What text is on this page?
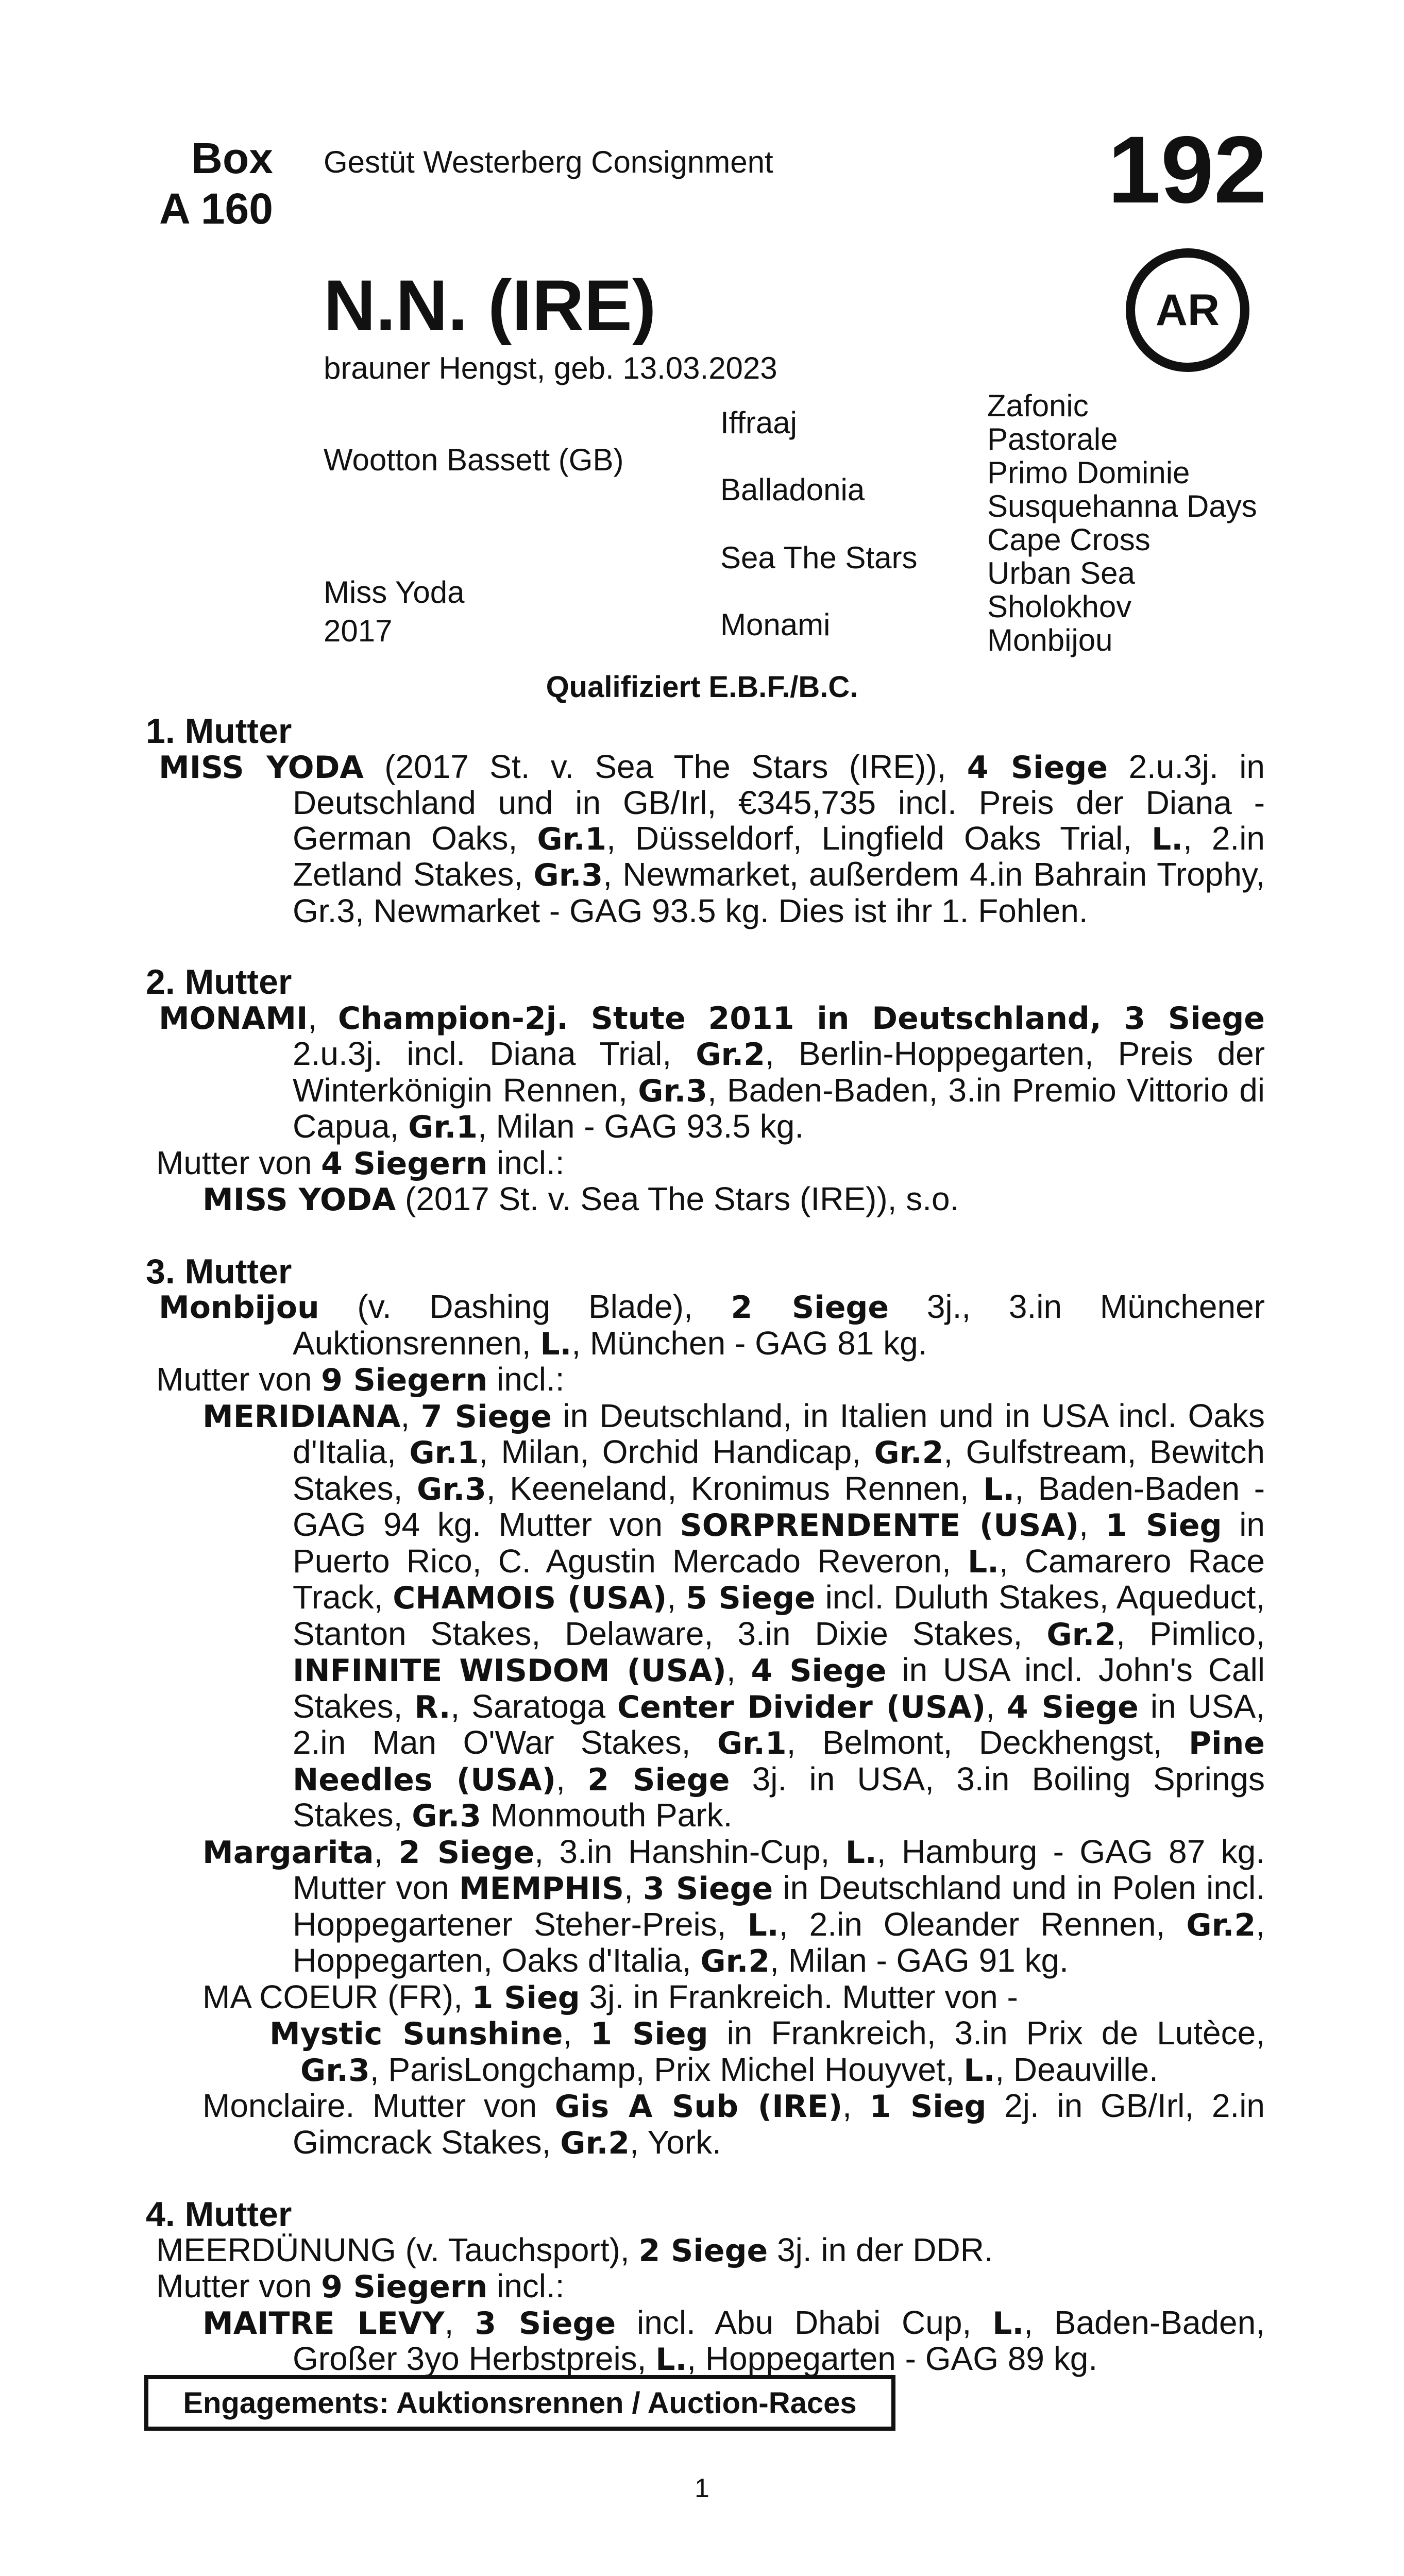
Box
A 160
Gestüt Westerberg Consignment	192
AR
N.N. (IRE)
brauner Hengst, geb. 13.03.2023
Wootton Bassett (GB)
Miss Yoda
2017
Iffraaj
Balladonia
Sea The Stars
Monami
Zafonic
Pastorale
Primo Dominie
Susquehanna Days
Cape Cross
Urban Sea
Sholokhov
Monbijou
Qualifiziert E.B.F./B.C.
1. Mutter
MISS YODA (2017 St. v. Sea The Stars (IRE)), 4 Siege 2.u.3j. in Deutschland und in GB/Irl, €345,735 incl. Preis der Diana - German Oaks, Gr.1, Düsseldorf, Lingfield Oaks Trial, L., 2.in Zetland Stakes, Gr.3, Newmarket, außerdem 4.in Bahrain Trophy, Gr.3, Newmarket - GAG 93.5 kg. Dies ist ihr 1. Fohlen.
2. Mutter
MONAMI, Champion-2j. Stute 2011 in Deutschland, 3 Siege 2.u.3j. incl. Diana Trial, Gr.2, Berlin-Hoppegarten, Preis der Winterkönigin Rennen, Gr.3, Baden-Baden, 3.in Premio Vittorio di Capua, Gr.1, Milan - GAG 93.5 kg.
Mutter von 4 Siegern incl.:
MISS YODA (2017 St. v. Sea The Stars (IRE)), s.o.
3. Mutter
Monbijou (v. Dashing Blade), 2 Siege 3j., 3.in Münchener Auktionsrennen, L., München - GAG 81 kg.
Mutter von 9 Siegern incl.:
MERIDIANA, 7 Siege in Deutschland, in Italien und in USA incl. Oaks d'Italia, Gr.1, Milan, Orchid Handicap, Gr.2, Gulfstream, Bewitch Stakes, Gr.3, Keeneland, Kronimus Rennen, L., Baden-Baden - GAG 94 kg. Mutter von SORPRENDENTE (USA), 1 Sieg in Puerto Rico, C. Agustin Mercado Reveron, L., Camarero Race Track, CHAMOIS (USA), 5 Siege incl. Duluth Stakes, Aqueduct, Stanton Stakes, Delaware, 3.in Dixie Stakes, Gr.2, Pimlico, INFINITE WISDOM (USA), 4 Siege in USA incl. John's Call Stakes, R., Saratoga Center Divider (USA), 4 Siege in USA, 2.in Man O'War Stakes, Gr.1, Belmont, Deckhengst, Pine Needles (USA), 2 Siege 3j. in USA, 3.in Boiling Springs Stakes, Gr.3 Monmouth Park.
Margarita, 2 Siege, 3.in Hanshin-Cup, L., Hamburg - GAG 87 kg. Mutter von MEMPHIS, 3 Siege in Deutschland und in Polen incl. Hoppegartener Steher-Preis, L., 2.in Oleander Rennen, Gr.2, Hoppegarten, Oaks d'Italia, Gr.2, Milan - GAG 91 kg.
MA COEUR (FR), 1 Sieg 3j. in Frankreich. Mutter von -
Mystic Sunshine, 1 Sieg in Frankreich, 3.in Prix de Lutèce, Gr.3, ParisLongchamp, Prix Michel Houyvet, L., Deauville.
Monclaire. Mutter von Gis A Sub (IRE), 1 Sieg 2j. in GB/Irl, 2.in Gimcrack Stakes, Gr.2, York.
4. Mutter
MEERDÜNUNG (v. Tauchsport), 2 Siege 3j. in der DDR.
Mutter von 9 Siegern incl.:
MAITRE LEVY, 3 Siege incl. Abu Dhabi Cup, L., Baden-Baden, Großer 3yo Herbstpreis, L., Hoppegarten - GAG 89 kg.
Engagements: Auktionsrennen / Auction-Races
1
